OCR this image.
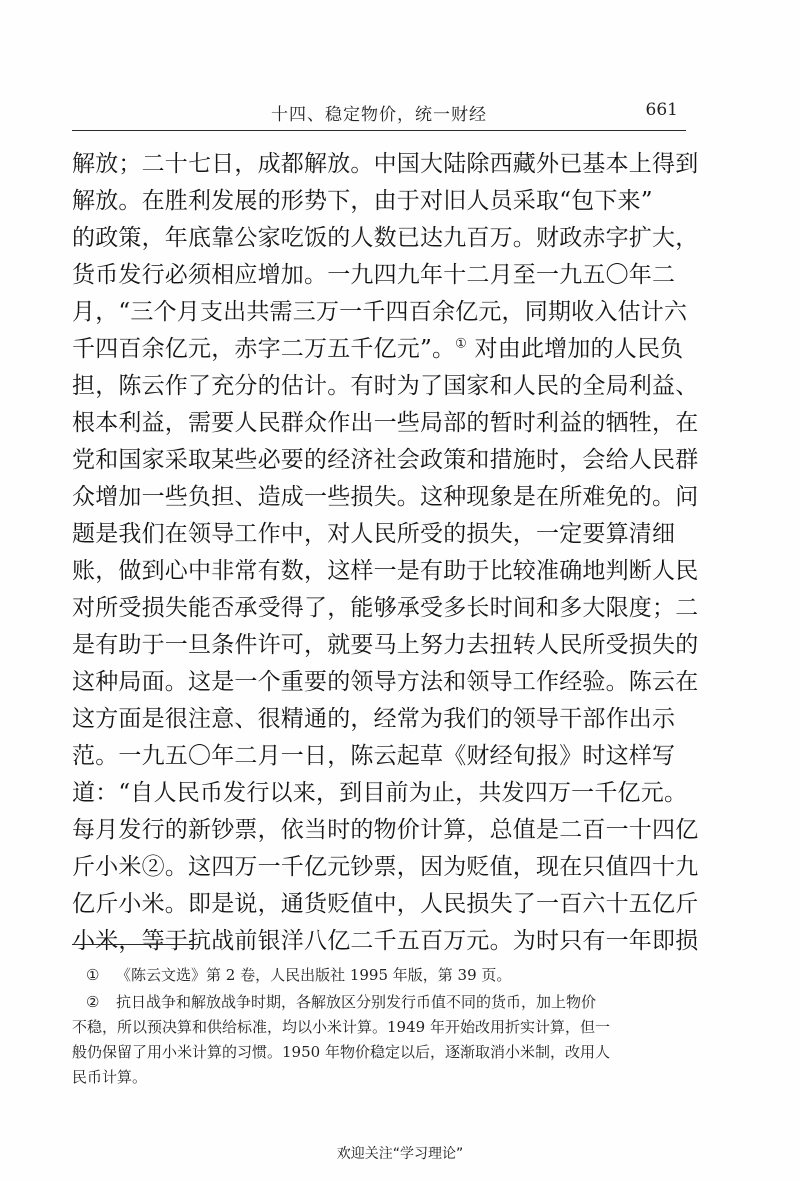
十四、稳定物价，统一财经	661
解放；二十七日，成都解放。中国大陆除西藏外已基本上得到
解放。在胜利发展的形势下，由于对旧人员采取“包下来”
的政策，年底靠公家吃饭的人数已达九百万。财政赤字扩大，
货币发行必须相应增加。一九四九年十二月至一九五〇年二
月，“三个月支出共需三万一千四百余亿元，同期收入估计六
千四百余亿元，赤字二万五千亿元”。① 对由此增加的人民负
担，陈云作了充分的估计。有时为了国家和人民的全局利益、
根本利益，需要人民群众作出一些局部的暂时利益的牺牲，在
党和国家采取某些必要的经济社会政策和措施时，会给人民群
众增加一些负担、造成一些损失。这种现象是在所难免的。问
题是我们在领导工作中，对人民所受的损失，一定要算清细
账，做到心中非常有数，这样一是有助于比较准确地判断人民
对所受损失能否承受得了，能够承受多长时间和多大限度；二
是有助于一旦条件许可，就要马上努力去扭转人民所受损失的
这种局面。这是一个重要的领导方法和领导工作经验。陈云在
这方面是很注意、很精通的，经常为我们的领导干部作出示
范。一九五〇年二月一日，陈云起草《财经旬报》时这样写
道：“自人民币发行以来，到目前为止，共发四万一千亿元。
每月发行的新钞票，依当时的物价计算，总值是二百一十四亿
斤小米②。这四万一千亿元钞票，因为贬值，现在只值四十九
亿斤小米。即是说，通货贬值中，人民损失了一百六十五亿斤
小米，等于抗战前银洋八亿二千五百万元。为时只有一年即损
① 《陈云文选》第 2 卷，人民出版社 1995 年版，第 39 页。
② 抗日战争和解放战争时期，各解放区分别发行币值不同的货币，加上物价
不稳，所以预决算和供给标准，均以小米计算。1949 年开始改用折实计算，但一
般仍保留了用小米计算的习惯。1950 年物价稳定以后，逐渐取消小米制，改用人
民币计算。
欢迎关注“学习理论”
